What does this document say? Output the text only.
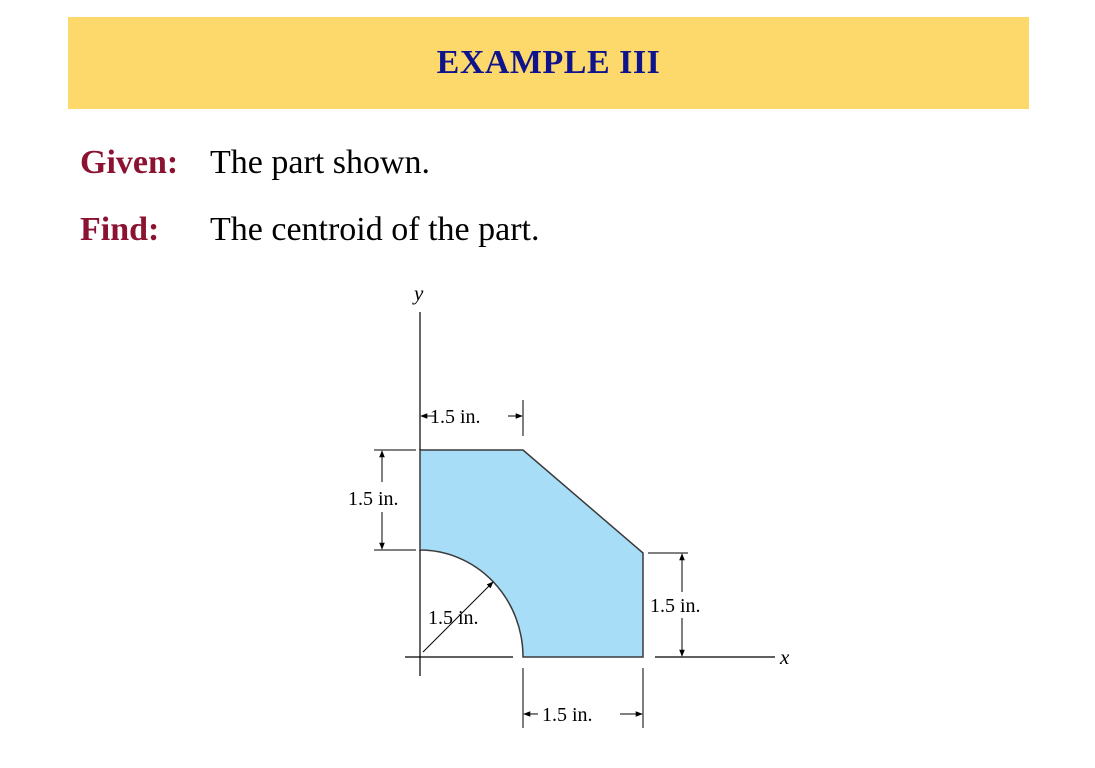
EXAMPLE III
Given: The part shown.
Find: The centroid of the part.
y
x
1.5 in.
1.5 in.
1.5 in.
1.5 in.
1.5 in.
